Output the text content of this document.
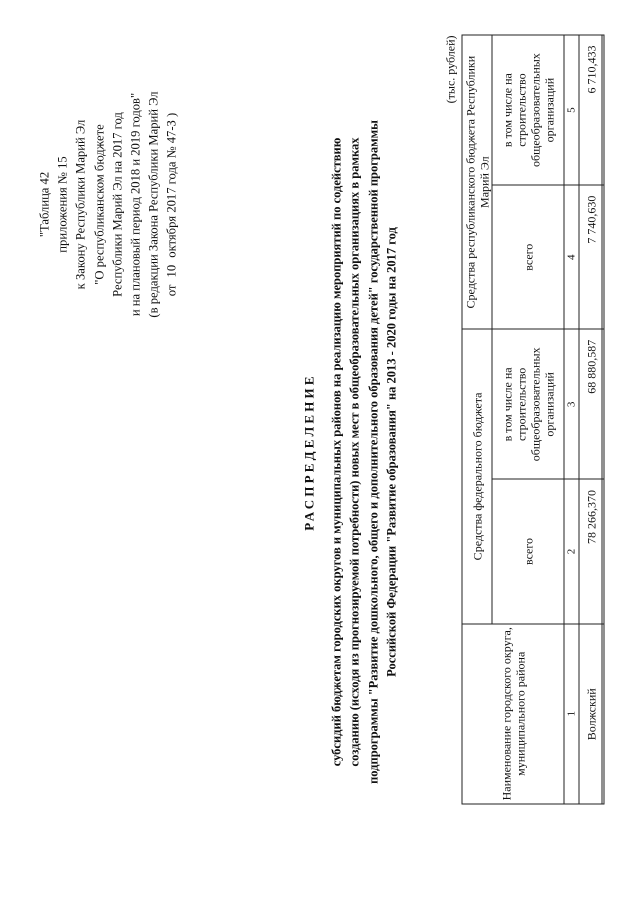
"Таблица 42 приложения № 15 к Закону Республики Марий Эл "О республиканском бюджете Республики Марий Эл на 2017 год и на плановый период 2018 и 2019 годов" (в редакции Закона Республики Марий Эл от 10 октября 2017 года № 47-З )
РАСПРЕДЕЛЕНИЕ субсидий бюджетам городских округов и муниципальных районов на реализацию мероприятий по содействию созданию (исходя из прогнозируемой потребности) новых мест в общеобразовательных организациях в рамках подпрограммы "Развитие дошкольного, общего и дополнительного образования детей" государственной программы Российской Федерации "Развитие образования" на 2013 - 2020 годы на 2017 год
(тыс. рублей)
Наименование городского округа, муниципального района	Средства федерального бюджета		Средства республиканского бюджета Республики Марий Эл	
	всего	в том числе на строительство общеобразовательных организаций	всего	в том числе на строительство общеобразовательных организаций
1	2	3	4	5
Волжский	78 266,370	68 880,587	7 740,630	6 710,433
